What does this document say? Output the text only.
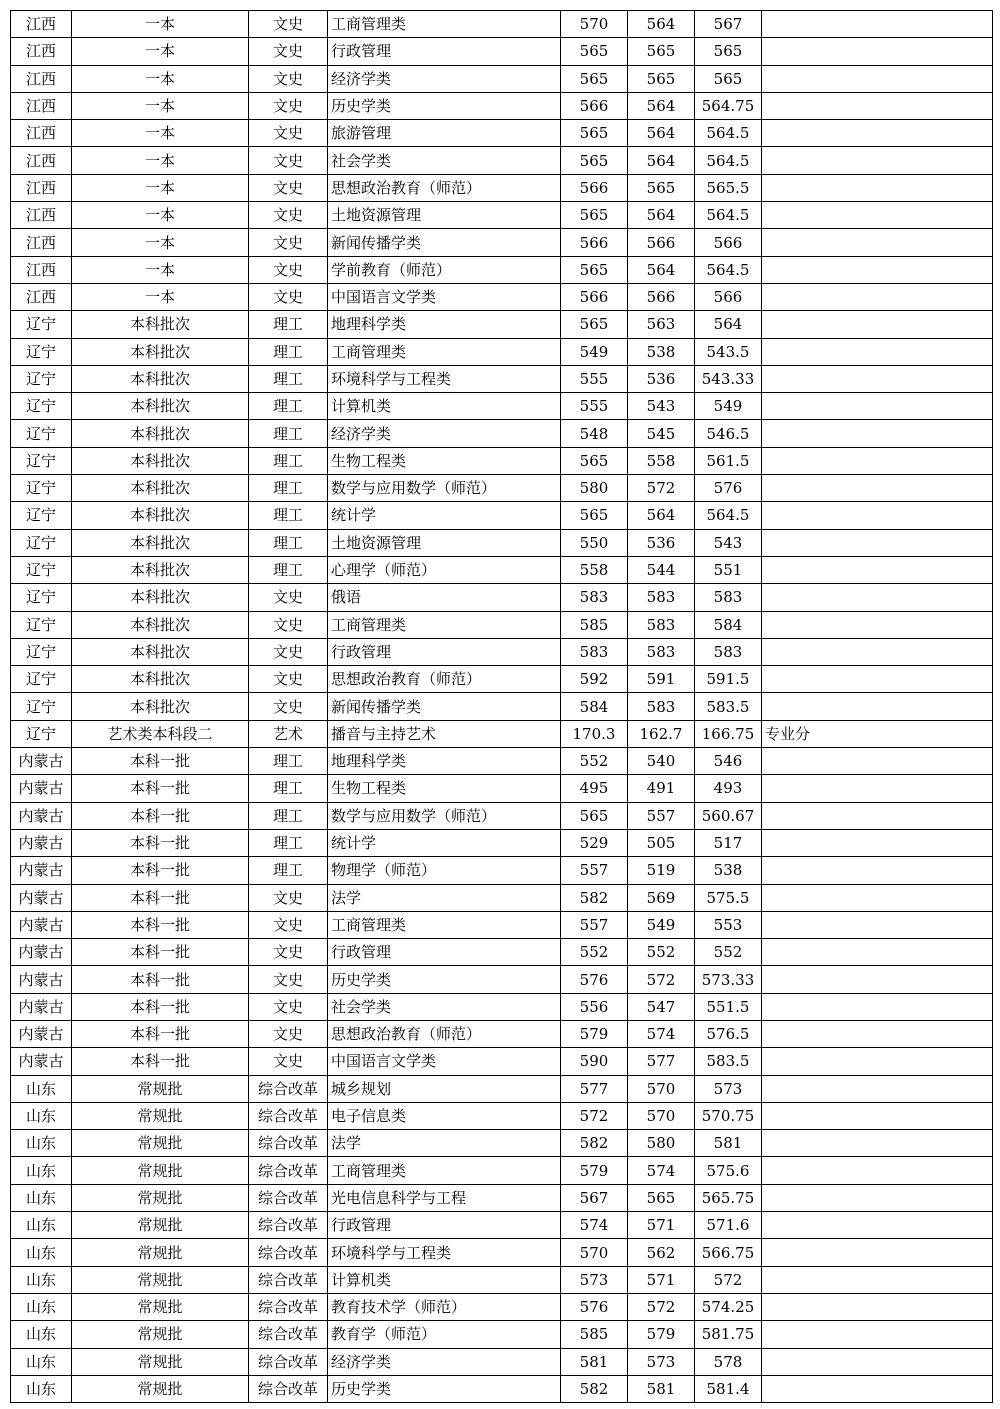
江西	一本	文史	工商管理类	570	564	567	
江西	一本	文史	行政管理	565	565	565	
江西	一本	文史	经济学类	565	565	565	
江西	一本	文史	历史学类	566	564	564.75	
江西	一本	文史	旅游管理	565	564	564.5	
江西	一本	文史	社会学类	565	564	564.5	
江西	一本	文史	思想政治教育（师范）	566	565	565.5	
江西	一本	文史	土地资源管理	565	564	564.5	
江西	一本	文史	新闻传播学类	566	566	566	
江西	一本	文史	学前教育（师范）	565	564	564.5	
江西	一本	文史	中国语言文学类	566	566	566	
辽宁	本科批次	理工	地理科学类	565	563	564	
辽宁	本科批次	理工	工商管理类	549	538	543.5	
辽宁	本科批次	理工	环境科学与工程类	555	536	543.33	
辽宁	本科批次	理工	计算机类	555	543	549	
辽宁	本科批次	理工	经济学类	548	545	546.5	
辽宁	本科批次	理工	生物工程类	565	558	561.5	
辽宁	本科批次	理工	数学与应用数学（师范）	580	572	576	
辽宁	本科批次	理工	统计学	565	564	564.5	
辽宁	本科批次	理工	土地资源管理	550	536	543	
辽宁	本科批次	理工	心理学（师范）	558	544	551	
辽宁	本科批次	文史	俄语	583	583	583	
辽宁	本科批次	文史	工商管理类	585	583	584	
辽宁	本科批次	文史	行政管理	583	583	583	
辽宁	本科批次	文史	思想政治教育（师范）	592	591	591.5	
辽宁	本科批次	文史	新闻传播学类	584	583	583.5	
辽宁	艺术类本科段二	艺术	播音与主持艺术	170.3	162.7	166.75	专业分
内蒙古	本科一批	理工	地理科学类	552	540	546	
内蒙古	本科一批	理工	生物工程类	495	491	493	
内蒙古	本科一批	理工	数学与应用数学（师范）	565	557	560.67	
内蒙古	本科一批	理工	统计学	529	505	517	
内蒙古	本科一批	理工	物理学（师范）	557	519	538	
内蒙古	本科一批	文史	法学	582	569	575.5	
内蒙古	本科一批	文史	工商管理类	557	549	553	
内蒙古	本科一批	文史	行政管理	552	552	552	
内蒙古	本科一批	文史	历史学类	576	572	573.33	
内蒙古	本科一批	文史	社会学类	556	547	551.5	
内蒙古	本科一批	文史	思想政治教育（师范）	579	574	576.5	
内蒙古	本科一批	文史	中国语言文学类	590	577	583.5	
山东	常规批	综合改革	城乡规划	577	570	573	
山东	常规批	综合改革	电子信息类	572	570	570.75	
山东	常规批	综合改革	法学	582	580	581	
山东	常规批	综合改革	工商管理类	579	574	575.6	
山东	常规批	综合改革	光电信息科学与工程	567	565	565.75	
山东	常规批	综合改革	行政管理	574	571	571.6	
山东	常规批	综合改革	环境科学与工程类	570	562	566.75	
山东	常规批	综合改革	计算机类	573	571	572	
山东	常规批	综合改革	教育技术学（师范）	576	572	574.25	
山东	常规批	综合改革	教育学（师范）	585	579	581.75	
山东	常规批	综合改革	经济学类	581	573	578	
山东	常规批	综合改革	历史学类	582	581	581.4	
